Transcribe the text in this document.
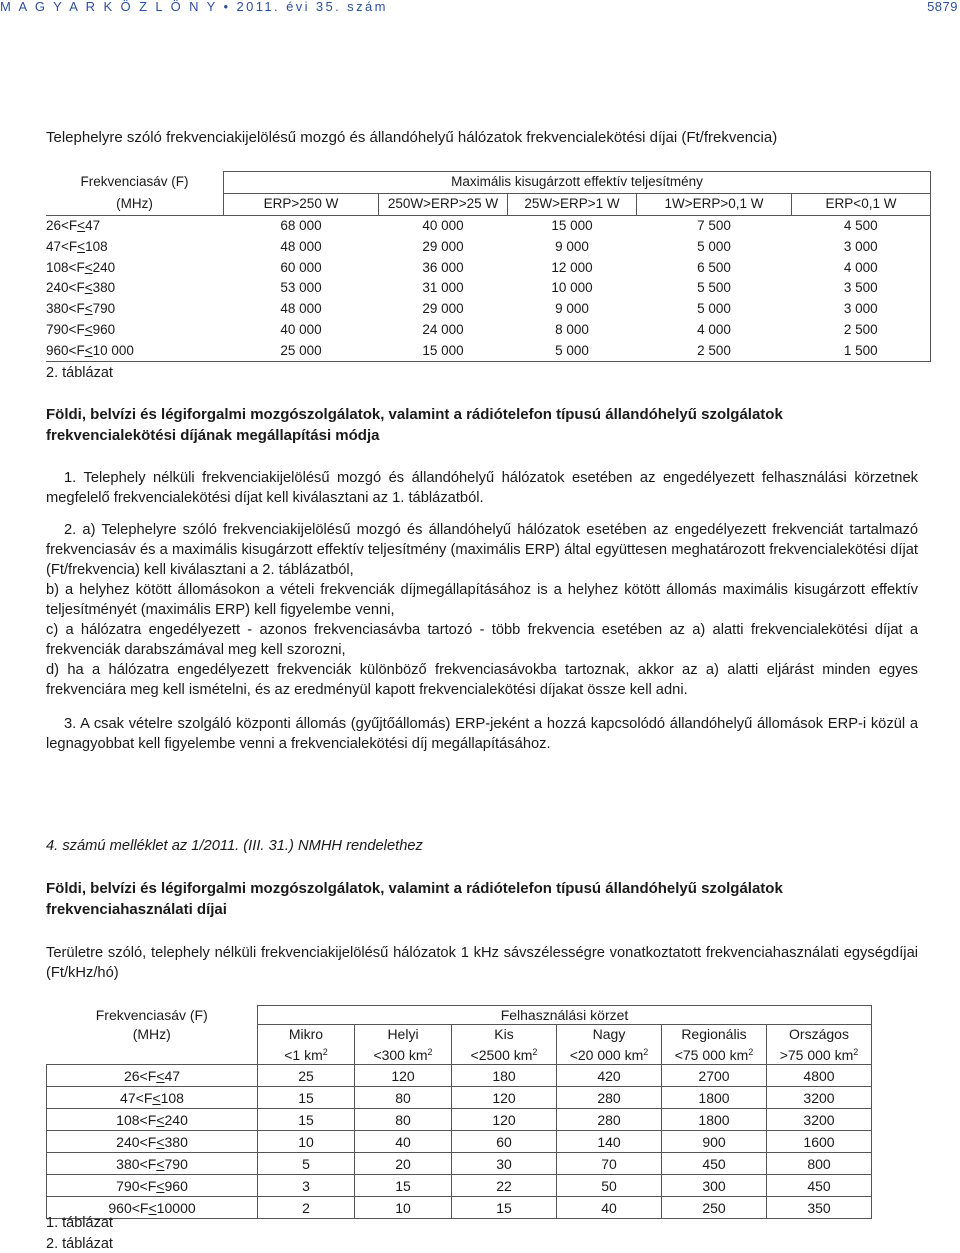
M A G Y A R K Ö Z L Ö N Y • 2011. évi 35. szám	5879
Telephelyre szóló frekvenciakijelölésű mozgó és állandóhelyű hálózatok frekvencialekötési díjai (Ft/frekvencia)
Frekvenciasáv (F)	Maximális kisugárzott effektív teljesítmény				
(MHz)	ERP>250 W	250W>ERP>25 W	25W>ERP>1 W	1W>ERP>0,1 W	ERP<0,1 W
26<F<47	68 000	40 000	15 000	7 500	4 500
47<F<108	48 000	29 000	9 000	5 000	3 000
108<F<240	60 000	36 000	12 000	6 500	4 000
240<F<380	53 000	31 000	10 000	5 500	3 500
380<F<790	48 000	29 000	9 000	5 000	3 000
790<F<960	40 000	24 000	8 000	4 000	2 500
960<F<10 000	25 000	15 000	5 000	2 500	1 500
2. táblázat
Földi, belvízi és légiforgalmi mozgószolgálatok, valamint a rádiótelefon típusú állandóhelyű szolgálatok
frekvencialekötési díjának megállapítási módja

1. Telephely nélküli frekvenciakijelölésű mozgó és állandóhelyű hálózatok esetében az engedélyezett felhasználási körzetnek megfelelő frekvencialekötési díjat kell kiválasztani az 1. táblázatból.

2. a) Telephelyre szóló frekvenciakijelölésű mozgó és állandóhelyű hálózatok esetében az engedélyezett frekvenciát tartalmazó frekvenciasáv és a maximális kisugárzott effektív teljesítmény (maximális ERP) által együttesen meghatározott frekvencialekötési díjat (Ft/frekvencia) kell kiválasztani a 2. táblázatból,

b) a helyhez kötött állomásokon a vételi frekvenciák díjmegállapításához is a helyhez kötött állomás maximális kisugárzott effektív teljesítményét (maximális ERP) kell figyelembe venni,

c) a hálózatra engedélyezett - azonos frekvenciasávba tartozó - több frekvencia esetében az a) alatti frekvencialekötési díjat a frekvenciák darabszámával meg kell szorozni,

d) ha a hálózatra engedélyezett frekvenciák különböző frekvenciasávokba tartoznak, akkor az a) alatti eljárást minden egyes frekvenciára meg kell ismételni, és az eredményül kapott frekvencialekötési díjakat össze kell adni.

3. A csak vételre szolgáló központi állomás (gyűjtőállomás) ERP-jeként a hozzá kapcsolódó állandóhelyű állomások ERP-i közül a legnagyobbat kell figyelembe venni a frekvencialekötési díj megállapításához.

4. számú melléklet az 1/2011. (III. 31.) NMHH rendelethez
Földi, belvízi és légiforgalmi mozgószolgálatok, valamint a rádiótelefon típusú állandóhelyű szolgálatok
frekvenciahasználati díjai

Területre szóló, telephely nélküli frekvenciakijelölésű hálózatok 1 kHz sávszélességre vonatkoztatott frekvenciahasználati egységdíjai (Ft/kHz/hó)

Frekvenciasáv (F)	Felhasználási körzet					
(MHz)	Mikro	Helyi	Kis	Nagy	Regionális	Országos
	<1 $km^2$	<300 $km^2$	<2500 $km^2$	<20 000 $km^2$	<75 000 $km^2$	>75 000 $km^2$
26<F<47	25	120	180	420	2700	4800
47<F<108	15	80	120	280	1800	3200
108<F<240	15	80	120	280	1800	3200
240<F<380	10	40	60	140	900	1600
380<F<790	5	20	30	70	450	800
790<F<960	3	15	22	50	300	450
960<F<10000	2	10	15	40	250	350
1. táblázat
2. táblázat
